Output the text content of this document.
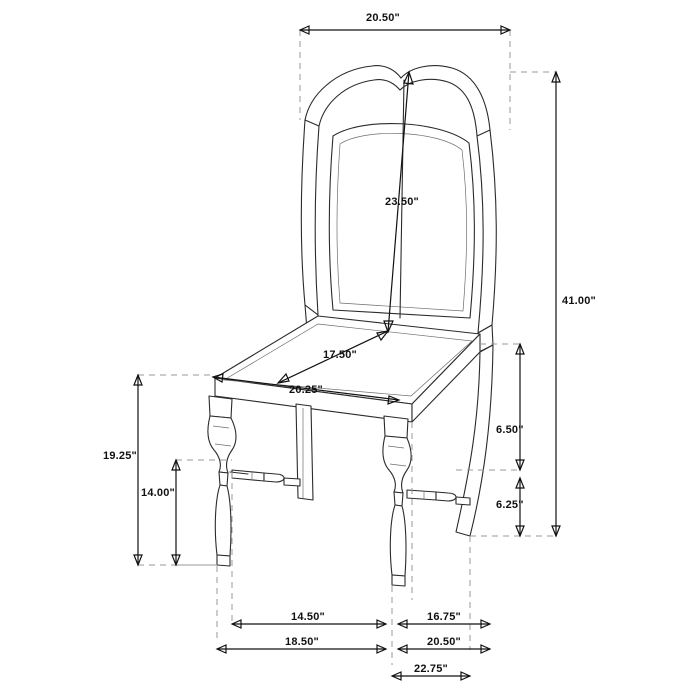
20.50"
23.50"
41.00"
17.50"
20.25"
6.50"
6.25"
19.25"
14.00"
14.50"	16.75"
18.50"	20.50"
22.75"
